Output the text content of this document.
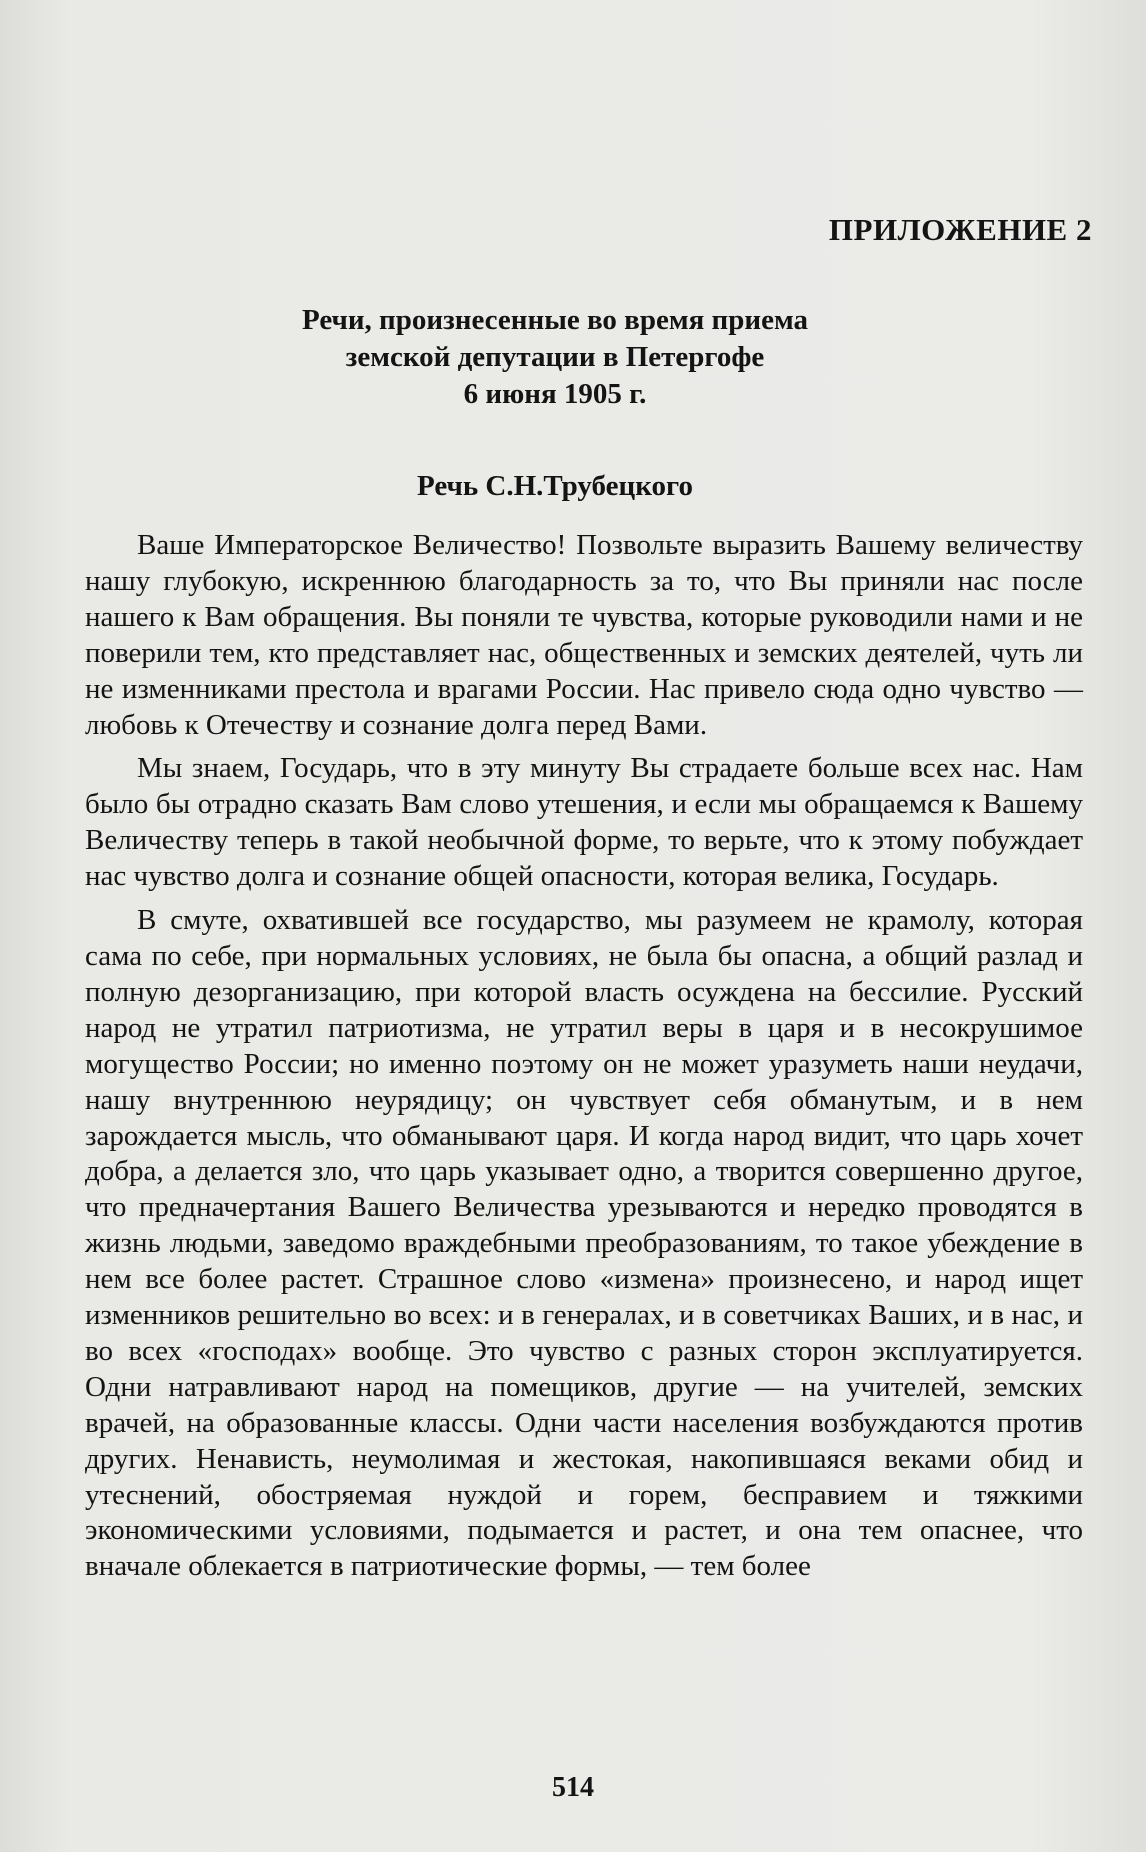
ПРИЛОЖЕНИЕ 2
Речи, произнесенные во время приема
земской депутации в Петергофе
6 июня 1905 г.
Речь С.Н.Трубецкого

Ваше Императорское Величество! Позвольте выразить Вашему величеству нашу глубокую, искреннюю благодарность за то, что Вы приняли нас после нашего к Вам обращения. Вы поняли те чувства, которые руководили нами и не поверили тем, кто представляет нас, общественных и земских деятелей, чуть ли не изменниками престола и врагами России. Нас привело сюда одно чувство — любовь к Отечеству и сознание долга перед Вами.

Мы знаем, Государь, что в эту минуту Вы страдаете больше всех нас. Нам было бы отрадно сказать Вам слово утешения, и если мы обращаемся к Вашему Величеству теперь в такой необычной форме, то верьте, что к этому побуждает нас чувство долга и сознание общей опасности, которая велика, Государь.

В смуте, охватившей все государство, мы разумеем не крамолу, которая сама по себе, при нормальных условиях, не была бы опасна, а общий разлад и полную дезорганизацию, при которой власть осуждена на бессилие. Русский народ не утратил патриотизма, не утратил веры в царя и в несокрушимое могущество России; но именно поэтому он не может уразуметь наши неудачи, нашу внутреннюю неурядицу; он чувствует себя обманутым, и в нем зарождается мысль, что обманывают царя. И когда народ видит, что царь хочет добра, а делается зло, что царь указывает одно, а творится совершенно другое, что предначертания Вашего Величества урезываются и нередко проводятся в жизнь людьми, заведомо враждебными преобразованиям, то такое убеждение в нем все более растет. Страшное слово «измена» произнесено, и народ ищет изменников решительно во всех: и в генералах, и в советчиках Ваших, и в нас, и во всех «господах» вообще. Это чувство с разных сторон эксплуатируется. Одни натравливают народ на помещиков, другие — на учителей, земских врачей, на образованные классы. Одни части населения возбуждаются против других. Ненависть, неумолимая и жестокая, накопившаяся веками обид и утеснений, обостряемая нуждой и горем, бесправием и тяжкими экономическими условиями, подымается и растет, и она тем опаснее, что вначале облекается в патриотические формы, — тем более

514
